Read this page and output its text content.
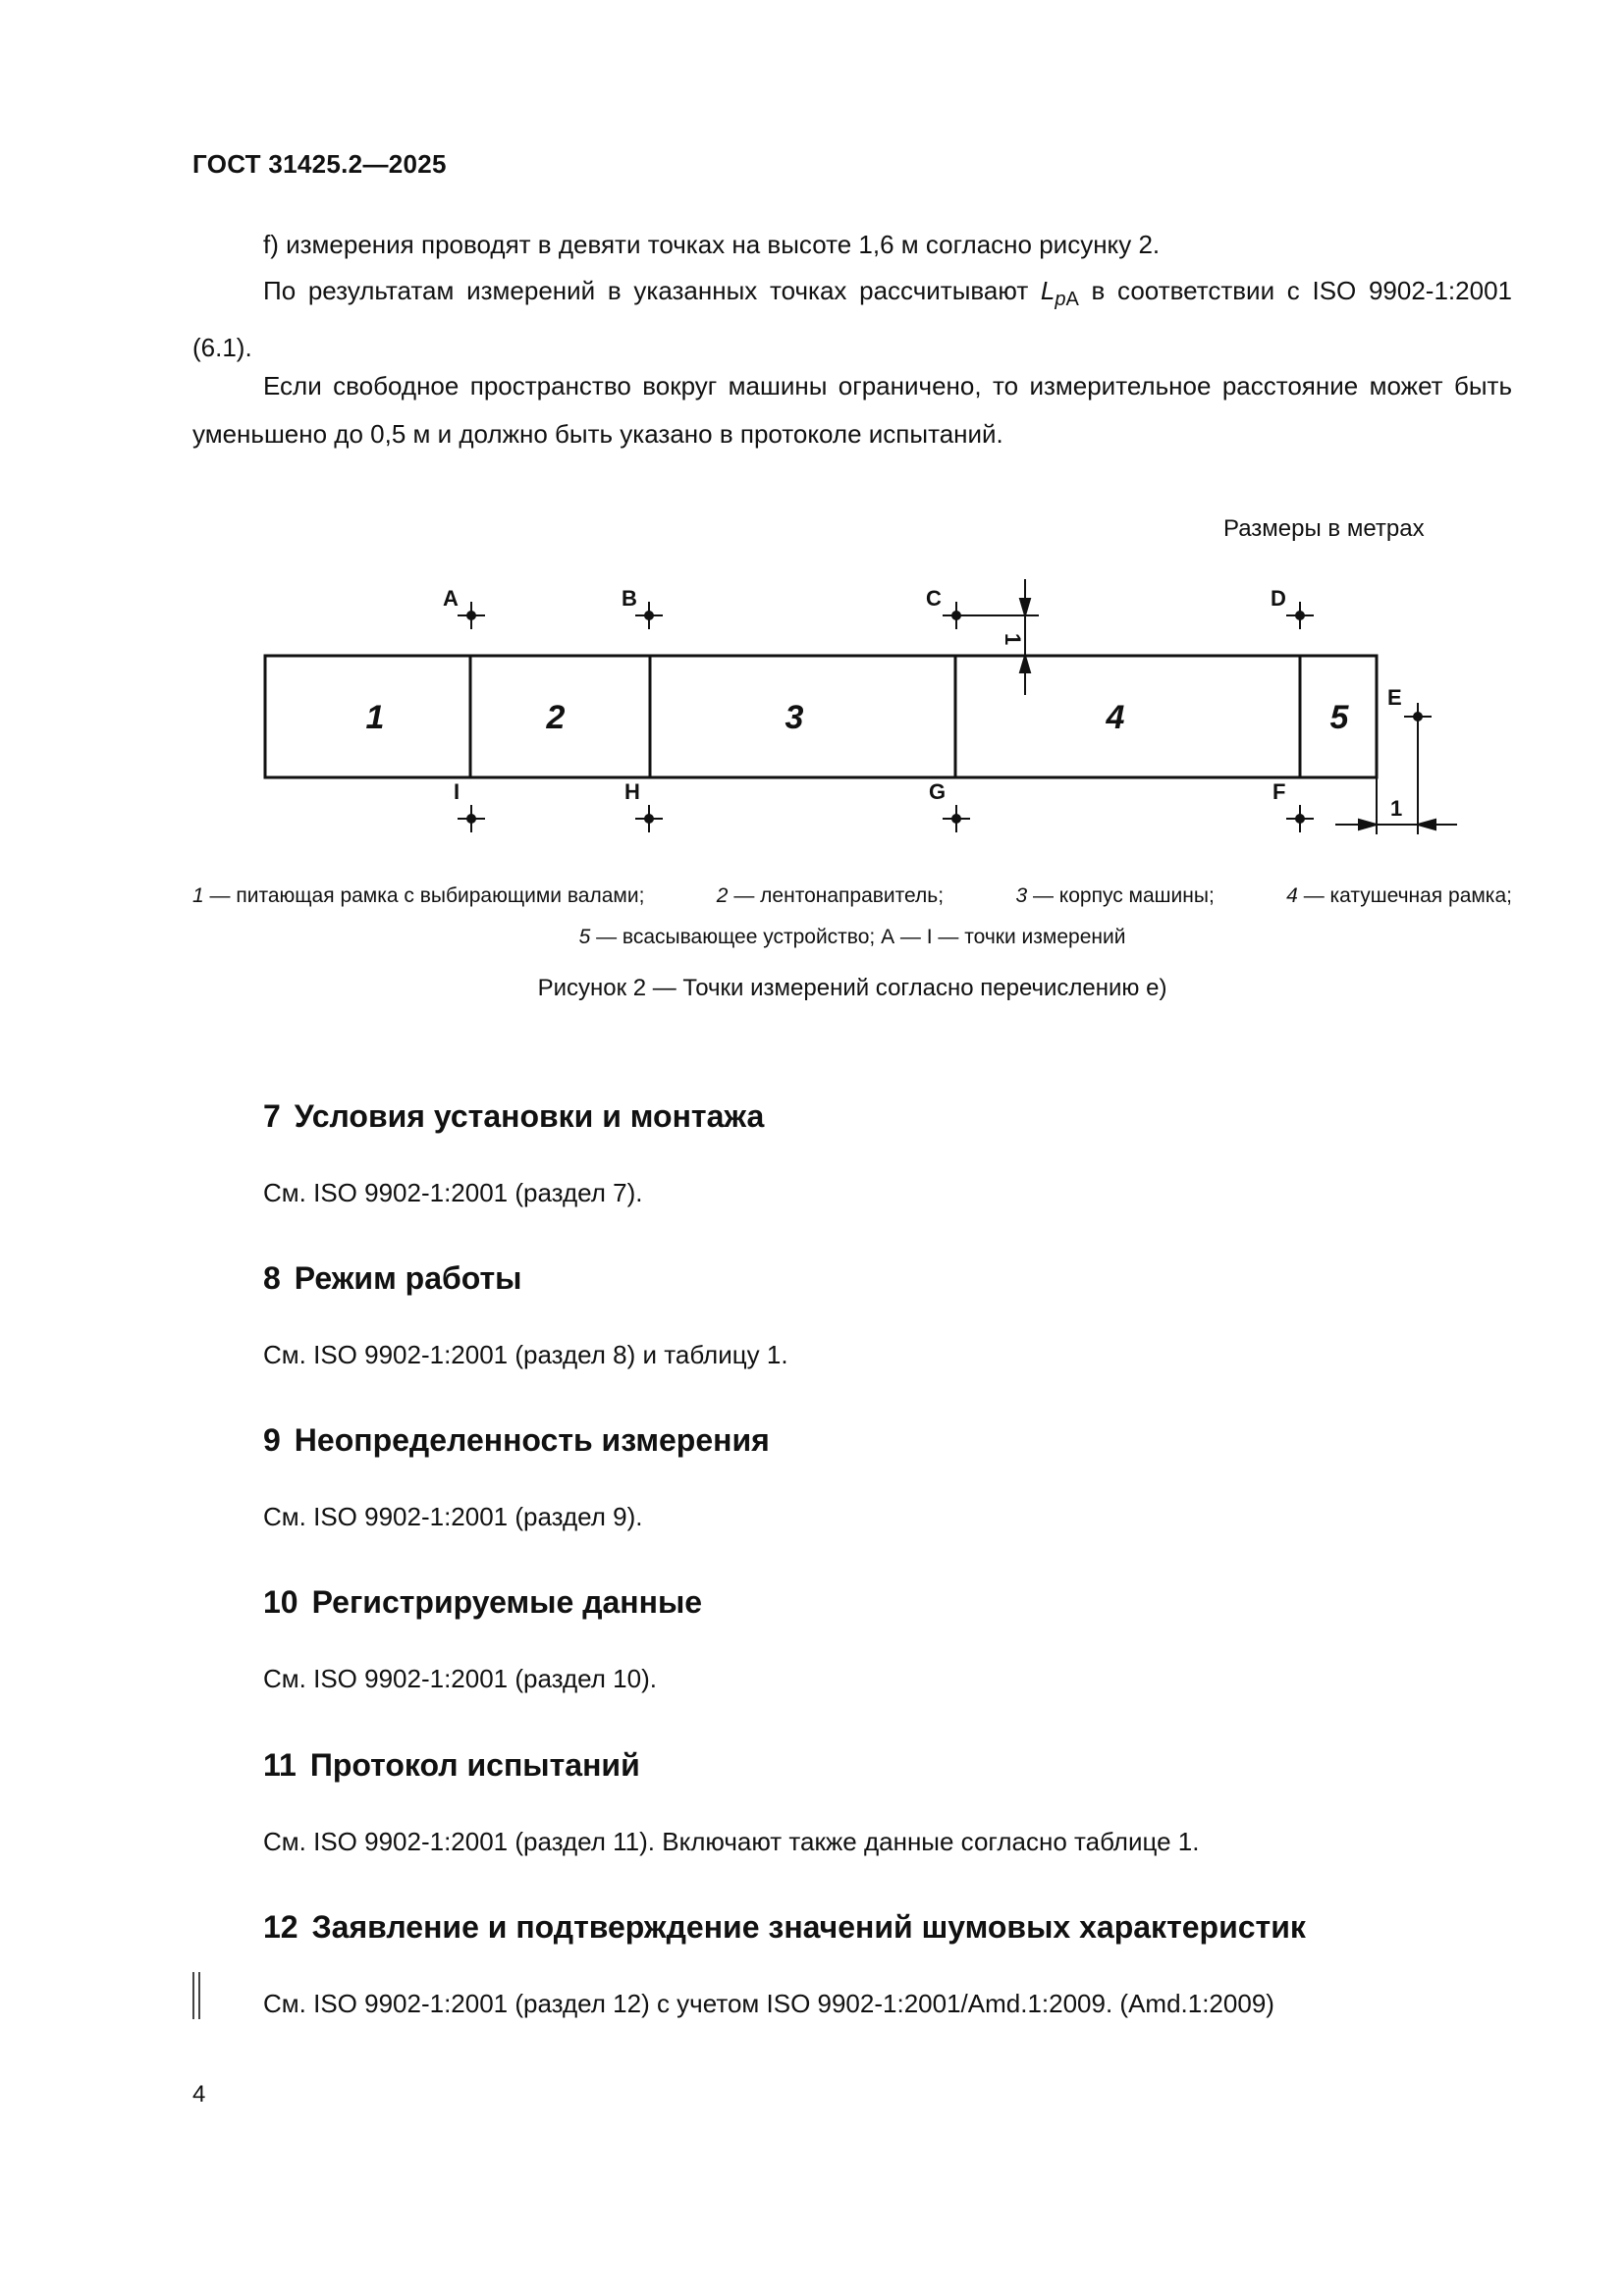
ГОСТ 31425.2—2025
f) измерения проводят в девяти точках на высоте 1,6 м согласно рисунку 2.
По результатам измерений в указанных точках рассчитывают $L_{pA}$ в соответствии с ISO 9902-1:2001 (6.1).
Если свободное пространство вокруг машины ограничено, то измерительное расстояние может быть уменьшено до 0,5 м и должно быть указано в протоколе испытаний.
Размеры в метрах
1	2	3	4	5
A	B	C	D
E
I	H	G	F
1
1
1 — питающая рамка с выбирающими валами;	2 — лентонаправитель;	3 — корпус машины;	4 — катушечная рамка;
5 — всасывающее устройство; А — I — точки измерений
Рисунок 2 — Точки измерений согласно перечислению е)
7 Условия установки и монтажа
См. ISO 9902-1:2001 (раздел 7).
8 Режим работы
См. ISO 9902-1:2001 (раздел 8) и таблицу 1.
9 Неопределенность измерения
См. ISO 9902-1:2001 (раздел 9).
10 Регистрируемые данные
См. ISO 9902-1:2001 (раздел 10).
11 Протокол испытаний
См. ISO 9902-1:2001 (раздел 11). Включают также данные согласно таблице 1.
12 Заявление и подтверждение значений шумовых характеристик
См. ISO 9902-1:2001 (раздел 12) с учетом ISO 9902-1:2001/Amd.1:2009. (Amd.1:2009)
4
